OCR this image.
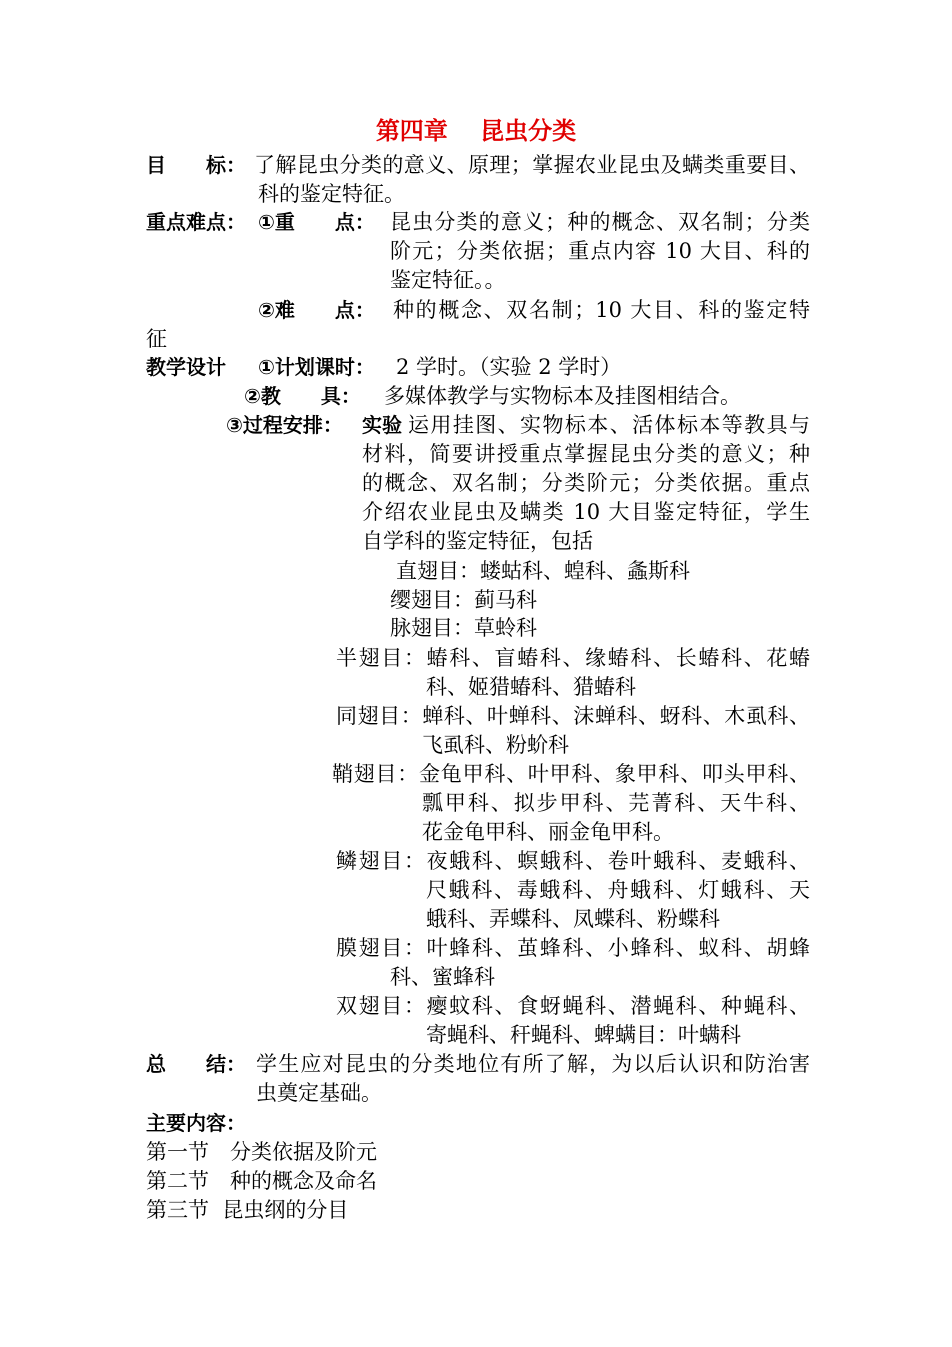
第四章　 昆虫分类
目　　标： 了解昆虫分类的意义、原理；掌握农业昆虫及螨类重要目、
科的鉴定特征。
重点难点： ①重　　点： 昆虫分类的意义；种的概念、双名制；分类
阶元；分类依据；重点内容 10 大目、科的
鉴定特征。。
②难　　点： 种的概念、双名制；10 大目、科的鉴定特
征
教学设计 ①计划课时： 2 学时。（实验 2 学时）
②教　　具： 多媒体教学与实物标本及挂图相结合。
③过程安排： 实验 运用挂图、实物标本、活体标本等教具与
材料，简要讲授重点掌握昆虫分类的意义；种
的概念、双名制；分类阶元；分类依据。重点
介绍农业昆虫及螨类 10 大目鉴定特征，学生
自学科的鉴定特征，包括
直翅目：蝼蛄科、蝗科、螽斯科
缨翅目：蓟马科
脉翅目：草蛉科
半翅目：蝽科、盲蝽科、缘蝽科、长蝽科、花蝽
科、姬猎蝽科、猎蝽科
同翅目：蝉科、叶蝉科、沫蝉科、蚜科、木虱科、
飞虱科、粉蚧科
鞘翅目：金龟甲科、叶甲科、象甲科、叩头甲科、
瓢甲科、拟步甲科、芫菁科、天牛科、
花金龟甲科、丽金龟甲科。
鳞翅目：夜蛾科、螟蛾科、卷叶蛾科、麦蛾科、
尺蛾科、毒蛾科、舟蛾科、灯蛾科、天
蛾科、弄蝶科、凤蝶科、粉蝶科
膜翅目：叶蜂科、茧蜂科、小蜂科、蚁科、胡蜂
科、蜜蜂科
双翅目：瘿蚊科、食蚜蝇科、潜蝇科、种蝇科、
寄蝇科、秆蝇科、蜱螨目：叶螨科
总　　结： 学生应对昆虫的分类地位有所了解，为以后认识和防治害
虫奠定基础。
主要内容：
第一节　分类依据及阶元
第二节　种的概念及命名
第三节  昆虫纲的分目
